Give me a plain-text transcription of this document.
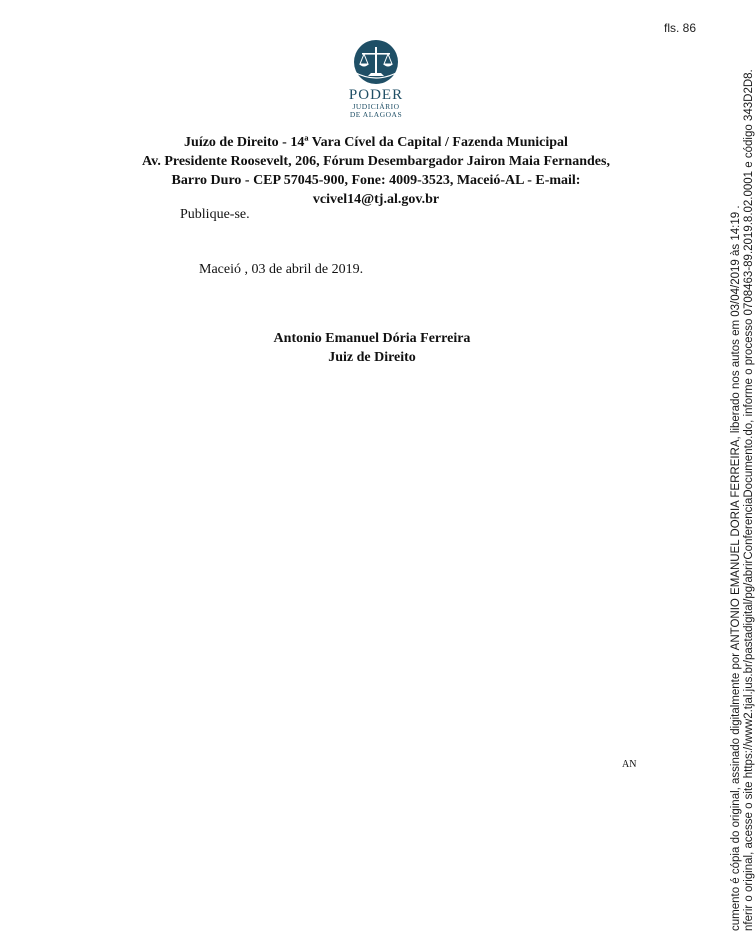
fls. 86
PODER
JUDICIÁRIO
DE ALAGOAS
Juízo de Direito - 14ª Vara Cível da Capital / Fazenda Municipal
Av. Presidente Roosevelt, 206, Fórum Desembargador Jairon Maia Fernandes,
Barro Duro - CEP 57045-900, Fone: 4009-3523, Maceió-AL - E-mail:
vcivel14@tj.al.gov.br
Publique-se.
Maceió , 03 de abril de 2019.
Antonio Emanuel Dória Ferreira
Juiz de Direito
AN	cumento é cópia do original, assinado digitalmente por ANTONIO EMANUEL DORIA FERREIRA, liberado nos autos em 03/04/2019 às 14:19 . nferir o original, acesse o site https://www2.tjal.jus.br/pastadigital/pg/abrirConferenciaDocumento.do, informe o processo 0708463-89.2019.8.02.0001 e código 343D2D8.
